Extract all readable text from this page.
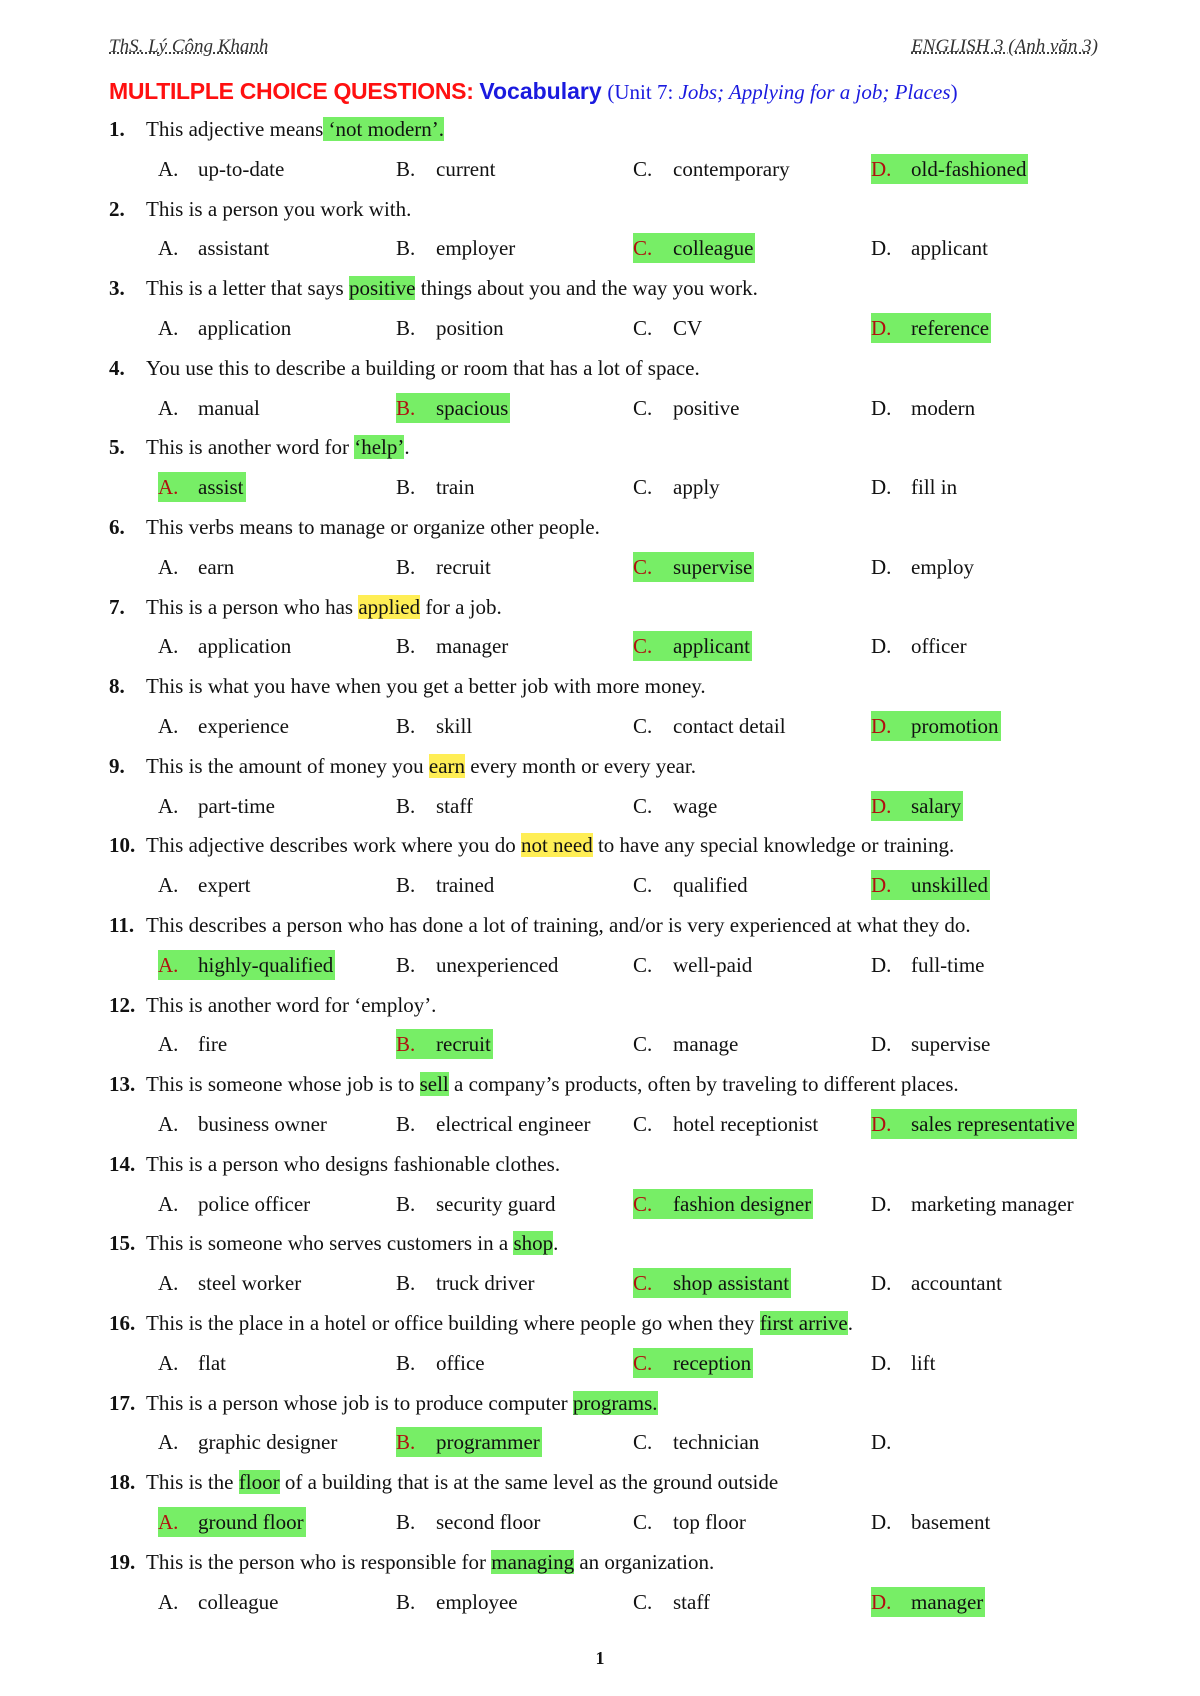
ThS. Lý Công Khanh	ENGLISH 3 (Anh văn 3)
MULTILPLE CHOICE QUESTIONS: Vocabulary (Unit 7: Jobs; Applying for a job; Places)
1. This adjective means ‘not modern’.
A. up-to-date	B. current	C. contemporary	D. old-fashioned
2. This is a person you work with.
A. assistant	B. employer	C. colleague	D. applicant
3. This is a letter that says positive things about you and the way you work.
A. application	B. position	C. CV	D. reference
4. You use this to describe a building or room that has a lot of space.
A. manual	B. spacious	C. positive	D. modern
5. This is another word for ‘help’.
A. assist	B. train	C. apply	D. fill in
6. This verbs means to manage or organize other people.
A. earn	B. recruit	C. supervise	D. employ
7. This is a person who has applied for a job.
A. application	B. manager	C. applicant	D. officer
8. This is what you have when you get a better job with more money.
A. experience	B. skill	C. contact detail	D. promotion
9. This is the amount of money you earn every month or every year.
A. part-time	B. staff	C. wage	D. salary
10. This adjective describes work where you do not need to have any special knowledge or training.
A. expert	B. trained	C. qualified	D. unskilled
11. This describes a person who has done a lot of training, and/or is very experienced at what they do.
A. highly-qualified	B. unexperienced	C. well-paid	D. full-time
12. This is another word for ‘employ’.
A. fire	B. recruit	C. manage	D. supervise
13. This is someone whose job is to sell a company’s products, often by traveling to different places.
A. business owner	B. electrical engineer C. hotel receptionist	D. sales representative
14. This is a person who designs fashionable clothes.
A. police officer	B. security guard	C. fashion designer	D. marketing manager
15. This is someone who serves customers in a shop.
A. steel worker	B. truck driver	C. shop assistant	D. accountant
16. This is the place in a hotel or office building where people go when they first arrive.
A. flat	B. office	C. reception	D. lift
17. This is a person whose job is to produce computer programs.
A. graphic designer	B. programmer	C. technician	D.
18. This is the floor of a building that is at the same level as the ground outside
A. ground floor	B. second floor	C. top floor	D. basement
19. This is the person who is responsible for managing an organization.
A. colleague	B. employee	C. staff	D. manager
1
